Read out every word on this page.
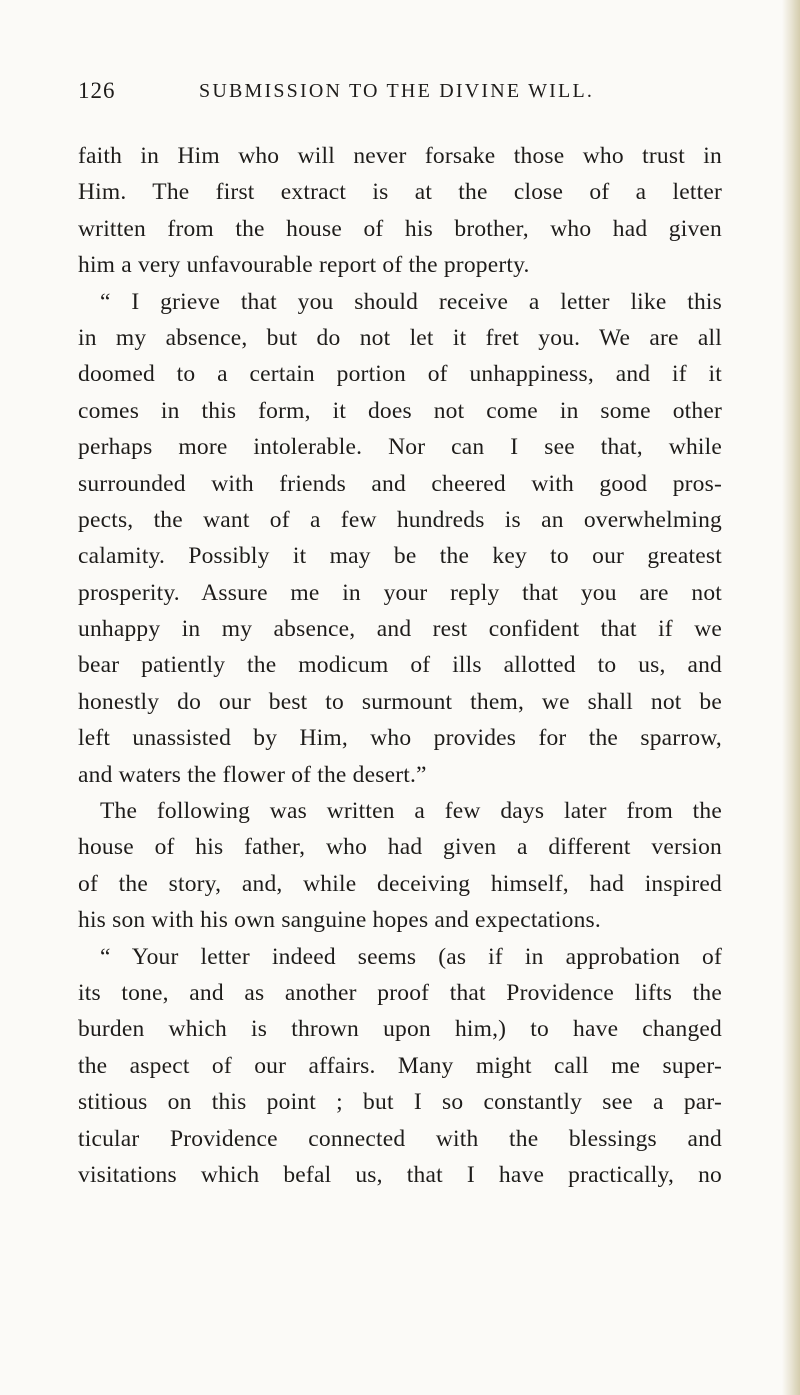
126	SUBMISSION TO THE DIVINE WILL.
faith in Him who will never forsake those who trust in
Him. The first extract is at the close of a letter
written from the house of his brother, who had given
him a very unfavourable report of the property.
“ I grieve that you should receive a letter like this
in my absence, but do not let it fret you. We are all
doomed to a certain portion of unhappiness, and if it
comes in this form, it does not come in some other
perhaps more intolerable. Nor can I see that, while
surrounded with friends and cheered with good pros-
pects, the want of a few hundreds is an overwhelming
calamity. Possibly it may be the key to our greatest
prosperity. Assure me in your reply that you are not
unhappy in my absence, and rest confident that if we
bear patiently the modicum of ills allotted to us, and
honestly do our best to surmount them, we shall not be
left unassisted by Him, who provides for the sparrow,
and waters the flower of the desert.”
The following was written a few days later from the
house of his father, who had given a different version
of the story, and, while deceiving himself, had inspired
his son with his own sanguine hopes and expectations.
“ Your letter indeed seems (as if in approbation of
its tone, and as another proof that Providence lifts the
burden which is thrown upon him,) to have changed
the aspect of our affairs. Many might call me super-
stitious on this point ; but I so constantly see a par-
ticular Providence connected with the blessings and
visitations which befal us, that I have practically, no
